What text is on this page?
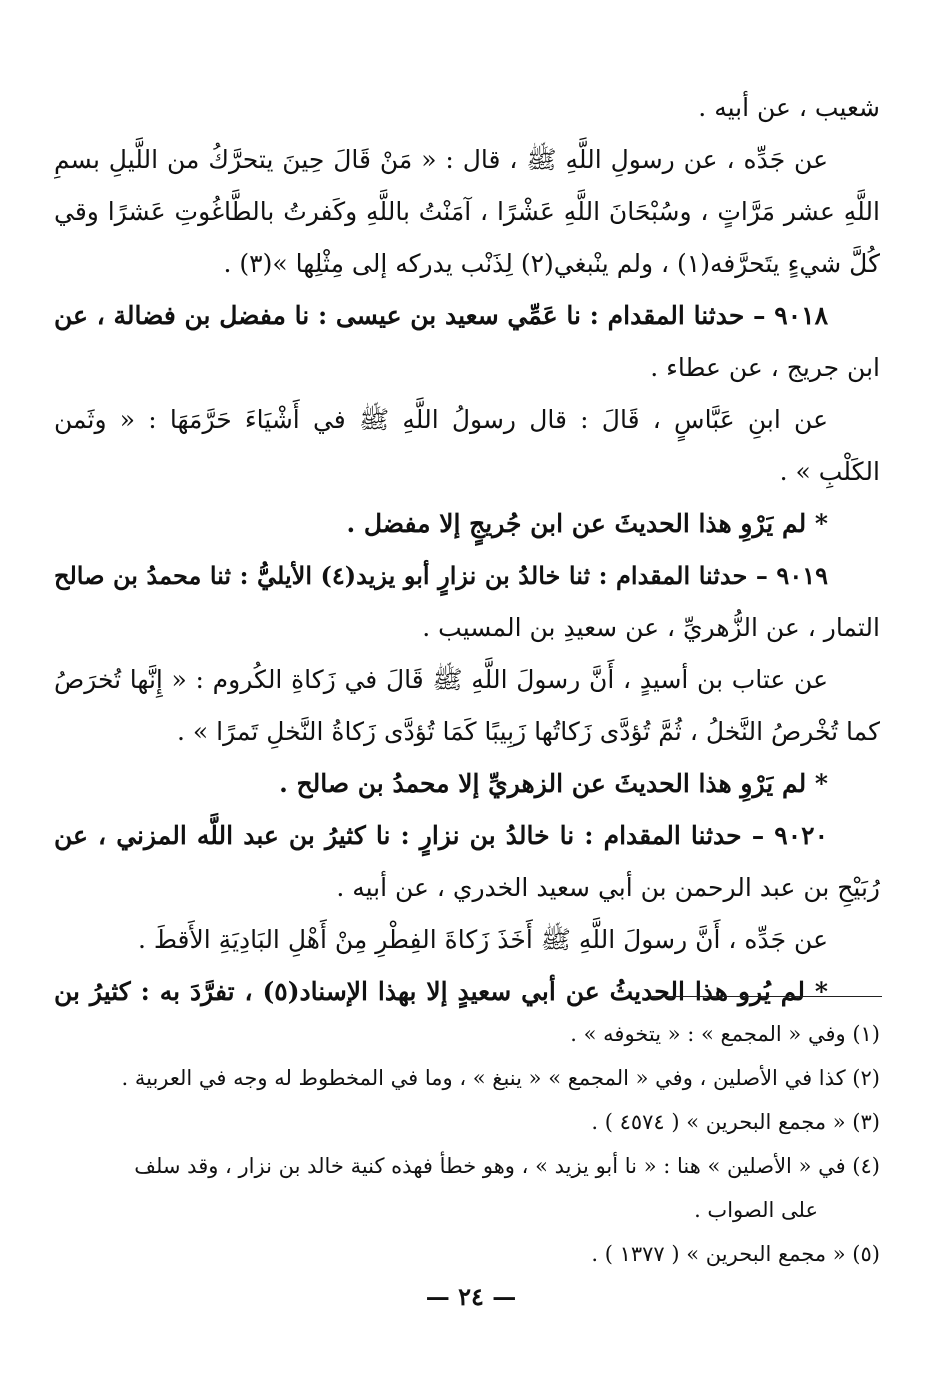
شعيب ، عن أبيه .
عن جَدِّه ، عن رسولِ اللَّهِ ﷺ ، قال : « مَنْ قَالَ حِينَ يتحرَّكُ من اللَّيلِ بسمِ
اللَّهِ عشر مَرَّاتٍ ، وسُبْحَانَ اللَّهِ عَشْرًا ، آمَنْتُ باللَّهِ وكَفرتُ بالطَّاغُوتِ عَشرًا وقي
كُلَّ شيءٍ يتَحرَّفه(١) ، ولم ينْبغي(٢) لِذَنْب يدركه إلى مِثْلِها »(٣) .
٩٠١٨ – حدثنا المقدام : نا عَمِّي سعيد بن عيسى : نا مفضل بن فضالة ، عن
ابن جريج ، عن عطاء .
عن ابنِ عَبَّاسٍ ، قَالَ : قال رسولُ اللَّهِ ﷺ في أَشْيَاءَ حَرَّمَهَا : « وثَمن
الكَلْبِ » .
* لم يَرْوِ هذا الحديثَ عن ابن جُريجٍ إلا مفضل .
٩٠١٩ – حدثنا المقدام : ثنا خالدُ بن نزارٍ أبو يزيد(٤) الأيليُّ : ثنا محمدُ بن صالح
التمار ، عن الزُّهريِّ ، عن سعيدِ بن المسيب .
عن عتاب بن أسيدٍ ، أَنَّ رسولَ اللَّهِ ﷺ قَالَ في زَكاةِ الكُروم : « إِنَّها تُخرَصُ
كما تُخْرصُ النَّخلُ ، ثُمَّ تُؤدَّى زَكاتُها زَبِيبًا كَمَا تُؤدَّى زَكاةُ النَّخلِ تَمرًا » .
* لم يَرْوِ هذا الحديثَ عن الزهريِّ إلا محمدُ بن صالح .
٩٠٢٠ – حدثنا المقدام : نا خالدُ بن نزارٍ : نا كثيرُ بن عبد اللَّه المزني ، عن
رُبَيْحِ بن عبد الرحمن بن أبي سعيد الخدري ، عن أبيه .
عن جَدِّه ، أَنَّ رسولَ اللَّهِ ﷺ أَخَذَ زَكاةَ الفِطْرِ مِنْ أَهْلِ البَادِيَةِ الأَقطَ .
* لم يُرو هذا الحديثُ عن أبي سعيدٍ إلا بهذا الإسناد(٥) ، تفرَّدَ به : كثيرُ بن
(١) وفي « المجمع » : « يتخوفه » .
(٢) كذا في الأصلين ، وفي « المجمع » « ينبغ » ، وما في المخطوط له وجه في العربية .
(٣) « مجمع البحرين » ( ٤٥٧٤ ) .
(٤) في « الأصلين » هنا : « نا أبو يزيد » ، وهو خطأ فهذه كنية خالد بن نزار ، وقد سلف
على الصواب .
(٥) « مجمع البحرين » ( ١٣٧٧ ) .
— ٢٤ —
